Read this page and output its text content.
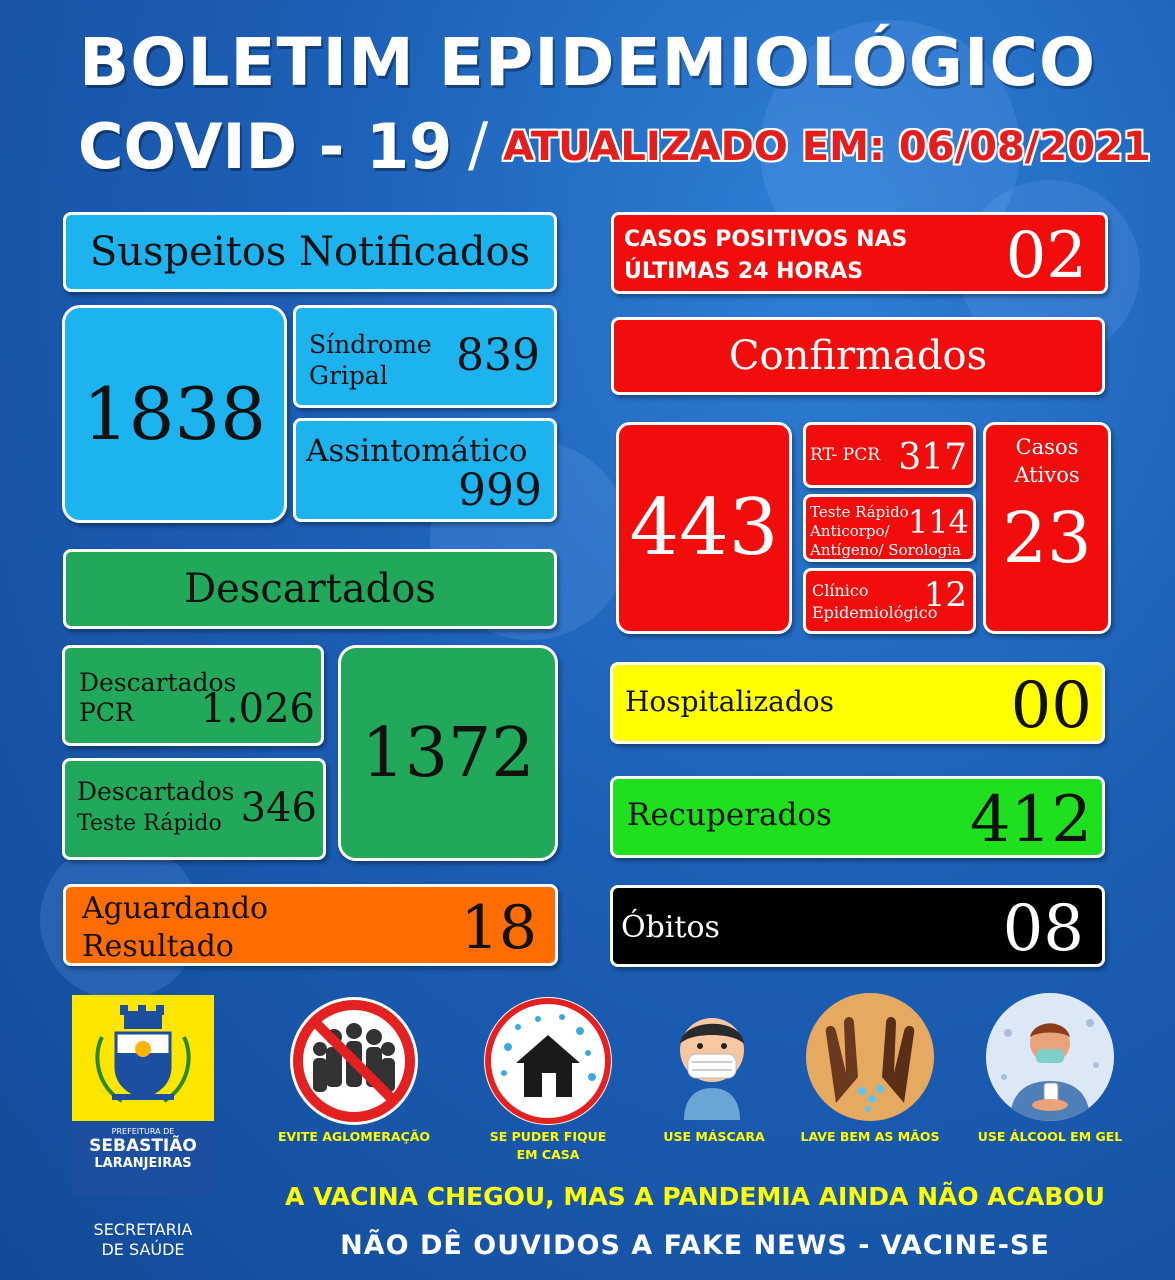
BOLETIM EPIDEMIOLÓGICO
COVID - 19 / ATUALIZADO EM: 06/08/2021
Suspeitos Notificados
1838
Síndrome
Gripal 839
Assintomático
999
Descartados
Descartados
PCR 1.026
Descartados
Teste Rápido 346
1372
Aguardando
Resultado	18
CASOS POSITIVOS NAS
ÚLTIMAS 24 HORAS 02
Confirmados
443
RT- PCR 317
Teste Rápido
Anticorpo/
Antígeno/ Sorologia
114
Clínico
Epidemiológico
12
Casos
Ativos
23
Hospitalizados	00
Recuperados 412
Óbitos	08
PREFEITURA DE
SEBASTIÃO
LARANJEIRAS
SECRETARIA
DE SAÚDE
EVITE AGLOMERAÇÃO	SE PUDER FIQUE
EM CASA
USE MÁSCARA	LAVE BEM AS MÃOS	USE ÁLCOOL EM GEL
A VACINA CHEGOU, MAS A PANDEMIA AINDA NÃO ACABOU
NÃO DÊ OUVIDOS A FAKE NEWS - VACINE-SE
